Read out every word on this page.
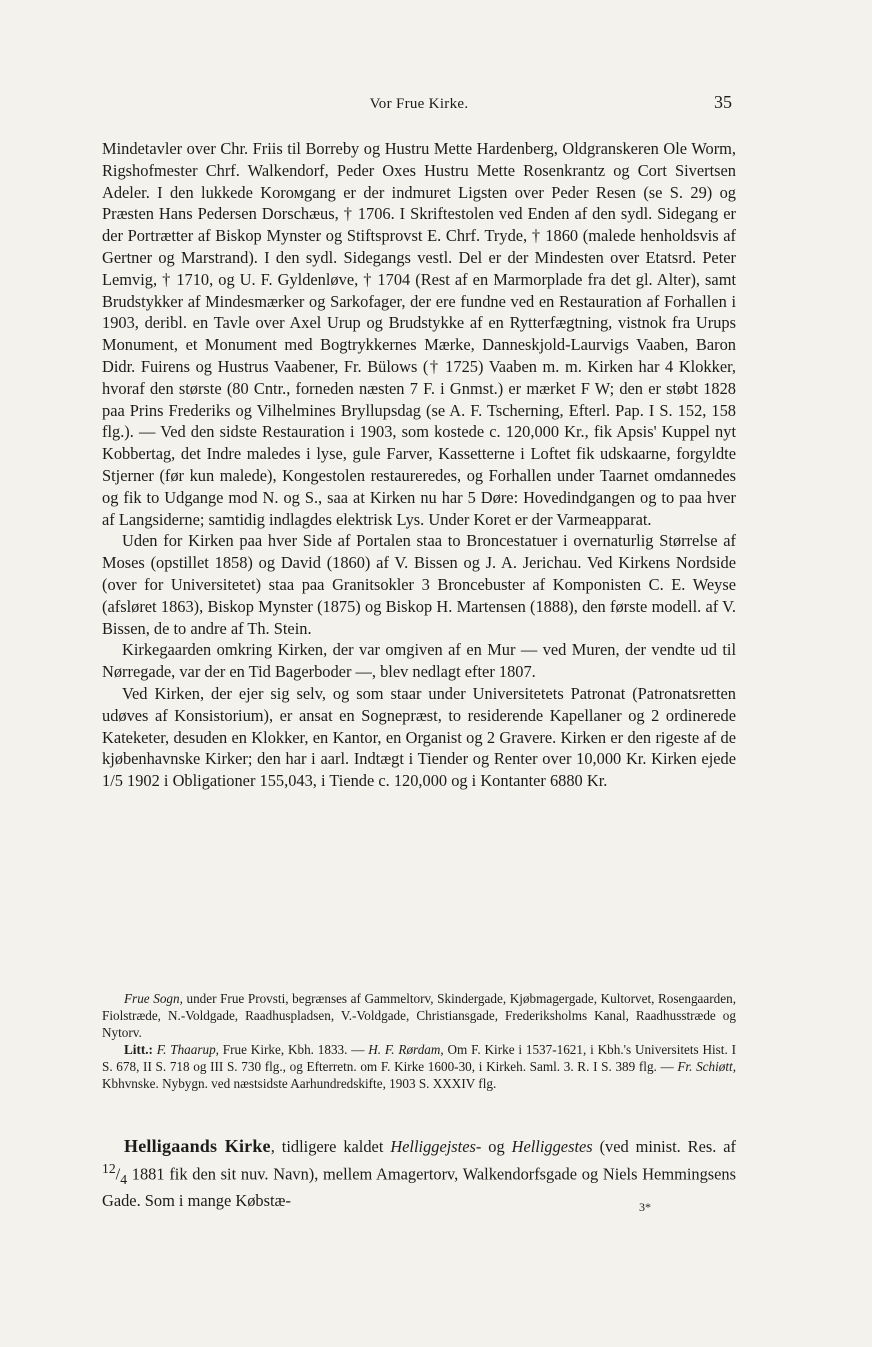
Vor Frue Kirke.	35

Mindetavler over Chr. Friis til Borreby og Hustru Mette Hardenberg, Oldgranskeren Ole Worm, Rigshofmester Chrf. Walkendorf, Peder Oxes Hustru Mette Rosenkrantz og Cort Sivertsen Adeler. I den lukkede Korомgang er der indmuret Ligsten over Peder Resen (se S. 29) og Præsten Hans Pedersen Dorschæus, † 1706. I Skriftestolen ved Enden af den sydl. Sidegang er der Portrætter af Biskop Mynster og Stiftsprovst E. Chrf. Tryde, † 1860 (malede henholdsvis af Gertner og Marstrand). I den sydl. Sidegangs vestl. Del er der Mindesten over Etatsrd. Peter Lemvig, † 1710, og U. F. Gyldenløve, † 1704 (Rest af en Marmorplade fra det gl. Alter), samt Brudstykker af Mindesmærker og Sarkofager, der ere fundne ved en Restauration af Forhallen i 1903, deribl. en Tavle over Axel Urup og Brudstykke af en Rytterfægtning, vistnok fra Urups Monument, et Monument med Bogtrykkernes Mærke, Danneskjold-Laurvigs Vaaben, Baron Didr. Fuirens og Hustrus Vaabener, Fr. Bülows († 1725) Vaaben m. m. Kirken har 4 Klokker, hvoraf den største (80 Cntr., forneden næsten 7 F. i Gnmst.) er mærket F W; den er støbt 1828 paa Prins Frederiks og Vilhelmines Bryllupsdag (se A. F. Tscherning, Efterl. Pap. I S. 152, 158 flg.). — Ved den sidste Restauration i 1903, som kostede c. 120,000 Kr., fik Apsis' Kuppel nyt Kobbertag, det Indre maledes i lyse, gule Farver, Kassetterne i Loftet fik udskaarne, forgyldte Stjerner (før kun malede), Kongestolen restaureredes, og Forhallen under Taarnet omdannedes og fik to Udgange mod N. og S., saa at Kirken nu har 5 Døre: Hovedindgangen og to paa hver af Langsiderne; samtidig indlagdes elektrisk Lys. Under Koret er der Varmeapparat.

Uden for Kirken paa hver Side af Portalen staa to Broncestatuer i overnaturlig Størrelse af Moses (opstillet 1858) og David (1860) af V. Bissen og J. A. Jerichau. Ved Kirkens Nordside (over for Universitetet) staa paa Granitsokler 3 Broncebuster af Komponisten C. E. Weyse (afsløret 1863), Biskop Mynster (1875) og Biskop H. Martensen (1888), den første modell. af V. Bissen, de to andre af Th. Stein.

Kirkegaarden omkring Kirken, der var omgiven af en Mur — ved Muren, der vendte ud til Nørregade, var der en Tid Bagerboder —, blev nedlagt efter 1807.

Ved Kirken, der ejer sig selv, og som staar under Universitetets Patronat (Patronatsretten udøves af Konsistorium), er ansat en Sognepræst, to residerende Kapellaner og 2 ordinerede Kateketer, desuden en Klokker, en Kantor, en Organist og 2 Gravere. Kirken er den rigeste af de kjøbenhavnske Kirker; den har i aarl. Indtægt i Tiender og Renter over 10,000 Kr. Kirken ejede 1/5 1902 i Obligationer 155,043, i Tiende c. 120,000 og i Kontanter 6880 Kr.

Frue Sogn, under Frue Provsti, begrænses af Gammeltorv, Skindergade, Kjøbmagergade, Kultorvet, Rosengaarden, Fiolstræde, N.-Voldgade, Raadhuspladsen, V.-Voldgade, Christiansgade, Frederiksholms Kanal, Raadhusstræde og Nytorv.

Litt.: F. Thaarup, Frue Kirke, Kbh. 1833. — H. F. Rørdam, Om F. Kirke i 1537-1621, i Kbh.'s Universitets Hist. I S. 678, II S. 718 og III S. 730 flg., og Efterretn. om F. Kirke 1600-30, i Kirkeh. Saml. 3. R. I S. 389 flg. — Fr. Schiøtt, Kbhvnske. Nybygn. ved næstsidste Aarhundredskifte, 1903 S. XXXIV flg.

Helligaands Kirke, tidligere kaldet Helliggejstes- og Helliggestes (ved minist. Res. af $^{12}/_4$ 1881 fik den sit nuv. Navn), mellem Amagertorv, Walkendorfsgade og Niels Hemmingsens Gade. Som i mange Købstæ-	3*
